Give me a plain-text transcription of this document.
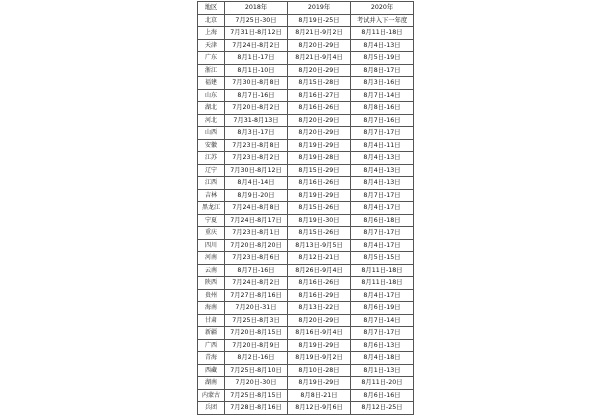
地区	2018年	2019年	2020年
北京	7月25日-30日	8月19日-25日	考试并入下一年度
上海	7月31日-8月12日	8月21日-9月2日	8月11日-18日
天津	7月24日-8月2日	8月20日-29日	8月4日-13日
广东	8月1日-17日	8月21日-9月4日	8月5日-19日
浙江	8月1日-10日	8月20日-29日	8月8日-17日
福建	7月30日-8月8日	8月15日-28日	8月3日-16日
山东	8月7日-16日	8月16日-27日	8月7日-14日
湖北	7月20日-8月2日	8月16日-26日	8月8日-16日
河北	7月31-8月13日	8月20日-29日	8月7日-16日
山西	8月3日-17日	8月20日-29日	8月7日-17日
安徽	7月23日-8月8日	8月19日-29日	8月4日-11日
江苏	7月23日-8月2日	8月19日-28日	8月4日-13日
辽宁	7月30日-8月12日	8月15日-29日	8月4日-13日
江西	8月4日-14日	8月16日-26日	8月4日-13日
吉林	8月9日-20日	8月19日-29日	8月7日-17日
黑龙江	7月24日-8月8日	8月15日-26日	8月4日-17日
宁夏	7月24日-8月17日	8月19日-30日	8月6日-18日
重庆	7月23日-8月1日	8月15日-26日	8月7日-17日
四川	7月20日-8月20日	8月13日-9月5日	8月4日-17日
河南	7月23日-8月6日	8月12日-21日	8月5日-15日
云南	8月7日-16日	8月26日-9月4日	8月11日-18日
陕西	7月24日-8月2日	8月16日-26日	8月11日-18日
贵州	7月27日-8月16日	8月16日-29日	8月4日-17日
海南	7月20日-31日	8月13日-22日	8月6日-19日
甘肃	7月25日-8月3日	8月20日-29日	8月7日-14日
新疆	7月20日-8月15日	8月16日-9月4日	8月7日-17日
广西	7月20日-8月9日	8月19日-29日	8月6日-13日
青海	8月2日-16日	8月19日-9月2日	8月4日-18日
西藏	7月25日-8月10日	8月10日-28日	8月1日-13日
湖南	7月20日-30日	8月19日-29日	8月11日-20日
内蒙古	7月25日-8月15日	8月8日-21日	8月6日-16日
兵团	7月28日-8月16日	8月12日-9月6日	8月12日-25日
